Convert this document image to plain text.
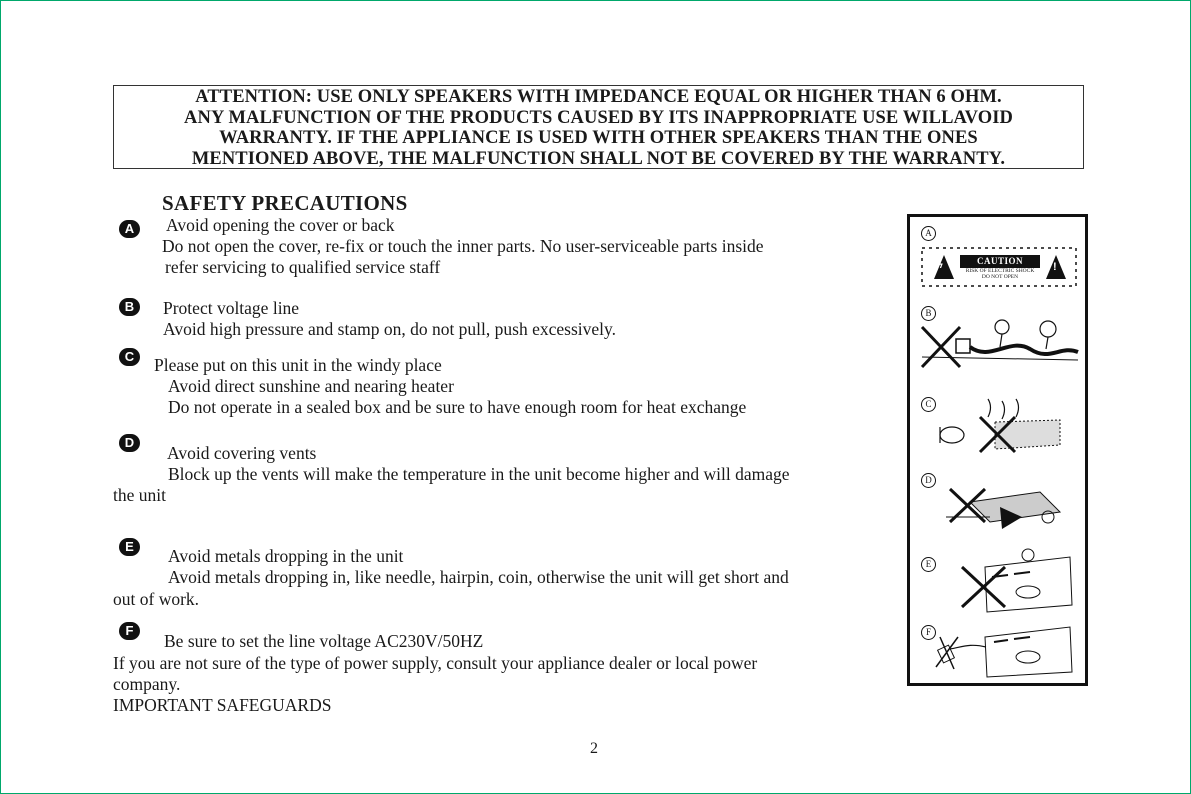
ATTENTION: USE ONLY SPEAKERS WITH IMPEDANCE EQUAL OR HIGHER THAN 6 OHM.
ANY MALFUNCTION OF THE PRODUCTS CAUSED BY ITS INAPPROPRIATE USE WILLAVOID
WARRANTY. IF THE APPLIANCE IS USED WITH OTHER SPEAKERS THAN THE ONES
MENTIONED ABOVE, THE MALFUNCTION SHALL NOT BE COVERED BY THE WARRANTY.
SAFETY PRECAUTIONS
A	Avoid opening the cover or back
Do not open the cover, re-fix or touch the inner parts. No user-serviceable parts inside
refer servicing to qualified service staff
B	Protect voltage line
Avoid high pressure and stamp on, do not pull, push excessively.
C	Please put on this unit in the windy place
Avoid direct sunshine and nearing heater
Do not operate in a sealed box and be sure to have enough room for heat exchange
D
Avoid covering vents
Block up the vents will make the temperature in the unit become higher and will damage
the unit
E	Avoid metals dropping in the unit
Avoid metals dropping in, like needle, hairpin, coin, otherwise the unit will get short and
out of work.
F
Be sure to set the line voltage AC230V/50HZ
If you are not sure of the type of power supply, consult your appliance dealer or local power
company.
IMPORTANT SAFEGUARDS
ϟ	!
CAUTION
RISK OF ELECTRIC SHOCK
DO NOT OPEN
A
B
C
D
E
F
2
